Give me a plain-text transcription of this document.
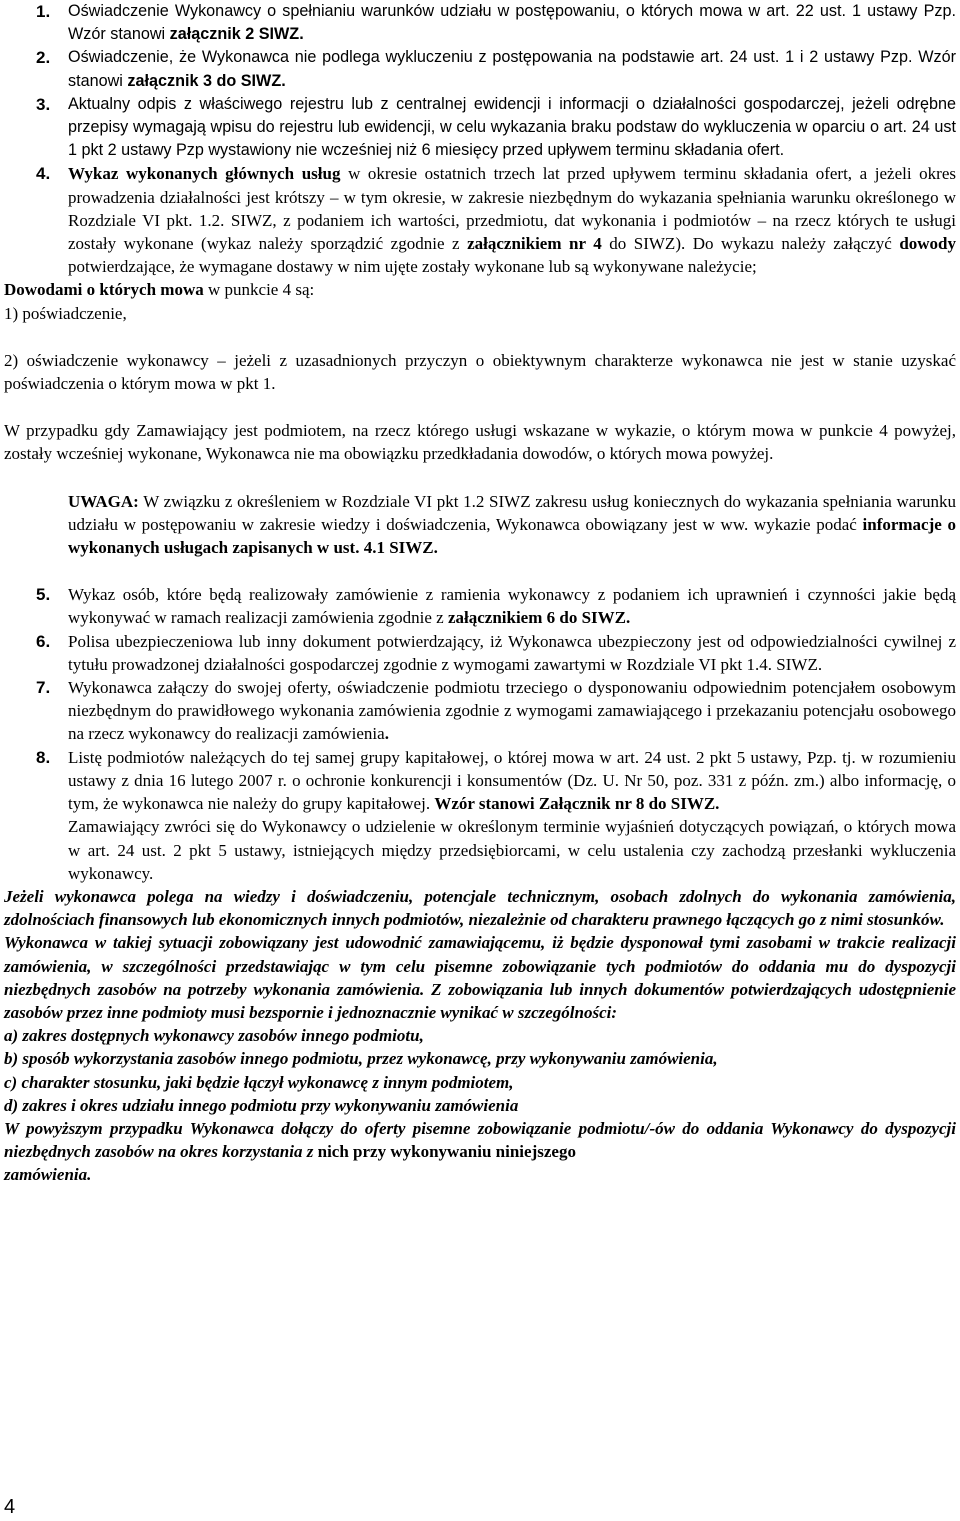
1.	Oświadczenie Wykonawcy o spełnianiu warunków udziału w postępowaniu, o których mowa w art. 22 ust. 1 ustawy Pzp. Wzór stanowi załącznik 2 SIWZ.
2.	Oświadczenie, że Wykonawca nie podlega wykluczeniu z postępowania na podstawie art. 24 ust. 1 i 2 ustawy Pzp. Wzór stanowi załącznik 3 do SIWZ.
3.	Aktualny odpis z właściwego rejestru lub z centralnej ewidencji i informacji o działalności gospodarczej, jeżeli odrębne przepisy wymagają wpisu do rejestru lub ewidencji, w celu wykazania braku podstaw do wykluczenia w oparciu o art. 24 ust 1 pkt 2 ustawy Pzp wystawiony nie wcześniej niż 6 miesięcy przed upływem terminu składania ofert.
4.	Wykaz wykonanych głównych usług w okresie ostatnich trzech lat przed upływem terminu składania ofert, a jeżeli okres prowadzenia działalności jest krótszy – w tym okresie, w zakresie niezbędnym do wykazania spełniania warunku określonego w Rozdziale VI pkt. 1.2. SIWZ, z podaniem ich wartości, przedmiotu, dat wykonania i podmiotów – na rzecz których te usługi zostały wykonane (wykaz należy sporządzić zgodnie z załącznikiem nr 4 do SIWZ). Do wykazu należy załączyć dowody potwierdzające, że wymagane dostawy w nim ujęte zostały wykonane lub są wykonywane należycie;

Dowodami o których mowa w punkcie 4 są:

1) poświadczenie,

2) oświadczenie wykonawcy – jeżeli z uzasadnionych przyczyn o obiektywnym charakterze wykonawca nie jest w stanie uzyskać poświadczenia o którym mowa w pkt 1.

W przypadku gdy Zamawiający jest podmiotem, na rzecz którego usługi wskazane w wykazie, o którym mowa w punkcie 4 powyżej, zostały wcześniej wykonane, Wykonawca nie ma obowiązku przedkładania dowodów, o których mowa powyżej.

UWAGA: W związku z określeniem w Rozdziale VI pkt 1.2 SIWZ zakresu usług koniecznych do wykazania spełniania warunku udziału w postępowaniu w zakresie wiedzy i doświadczenia, Wykonawca obowiązany jest w ww. wykazie podać informacje o wykonanych usługach zapisanych w ust. 4.1 SIWZ.

5.	Wykaz osób, które będą realizowały zamówienie z ramienia wykonawcy z podaniem ich uprawnień i czynności jakie będą wykonywać w ramach realizacji zamówienia zgodnie z załącznikiem 6 do SIWZ.
6.	Polisa ubezpieczeniowa lub inny dokument potwierdzający, iż Wykonawca ubezpieczony jest od odpowiedzialności cywilnej z tytułu prowadzonej działalności gospodarczej zgodnie z wymogami zawartymi w Rozdziale VI pkt 1.4. SIWZ.
7.	Wykonawca załączy do swojej oferty, oświadczenie podmiotu trzeciego o dysponowaniu odpowiednim potencjałem osobowym niezbędnym do prawidłowego wykonania zamówienia zgodnie z wymogami zamawiającego i przekazaniu potencjału osobowego na rzecz wykonawcy do realizacji zamówienia.
8.	Listę podmiotów należących do tej samej grupy kapitałowej, o której mowa w art. 24 ust. 2 pkt 5 ustawy, Pzp. tj. w rozumieniu ustawy z dnia 16 lutego 2007 r. o ochronie konkurencji i konsumentów (Dz. U. Nr 50, poz. 331 z późn. zm.) albo informację, o tym, że wykonawca nie należy do grupy kapitałowej. Wzór stanowi Załącznik nr 8 do SIWZ.
Zamawiający zwróci się do Wykonawcy o udzielenie w określonym terminie wyjaśnień dotyczących powiązań, o których mowa w art. 24 ust. 2 pkt 5 ustawy, istniejących między przedsiębiorcami, w celu ustalenia czy zachodzą przesłanki wykluczenia wykonawcy.

Jeżeli wykonawca polega na wiedzy i doświadczeniu, potencjale technicznym, osobach zdolnych do wykonania zamówienia, zdolnościach finansowych lub ekonomicznych innych podmiotów, niezależnie od charakteru prawnego łączących go z nimi stosunków.

Wykonawca w takiej sytuacji zobowiązany jest udowodnić zamawiającemu, iż będzie dysponował tymi zasobami w trakcie realizacji zamówienia, w szczególności przedstawiając w tym celu pisemne zobowiązanie tych podmiotów do oddania mu do dyspozycji niezbędnych zasobów na potrzeby wykonania zamówienia. Z zobowiązania lub innych dokumentów potwierdzających udostępnienie zasobów przez inne podmioty musi bezspornie i jednoznacznie wynikać w szczególności:

a) zakres dostępnych wykonawcy zasobów innego podmiotu,

b) sposób wykorzystania zasobów innego podmiotu, przez wykonawcę, przy wykonywaniu zamówienia,

c) charakter stosunku, jaki będzie łączył wykonawcę z innym podmiotem,

d) zakres i okres udziału innego podmiotu przy wykonywaniu zamówienia

W powyższym przypadku Wykonawca dołączy do oferty pisemne zobowiązanie podmiotu/-ów do oddania Wykonawcy do dyspozycji niezbędnych zasobów na okres korzystania z nich przy wykonywaniu niniejszego
zamówienia.

4
